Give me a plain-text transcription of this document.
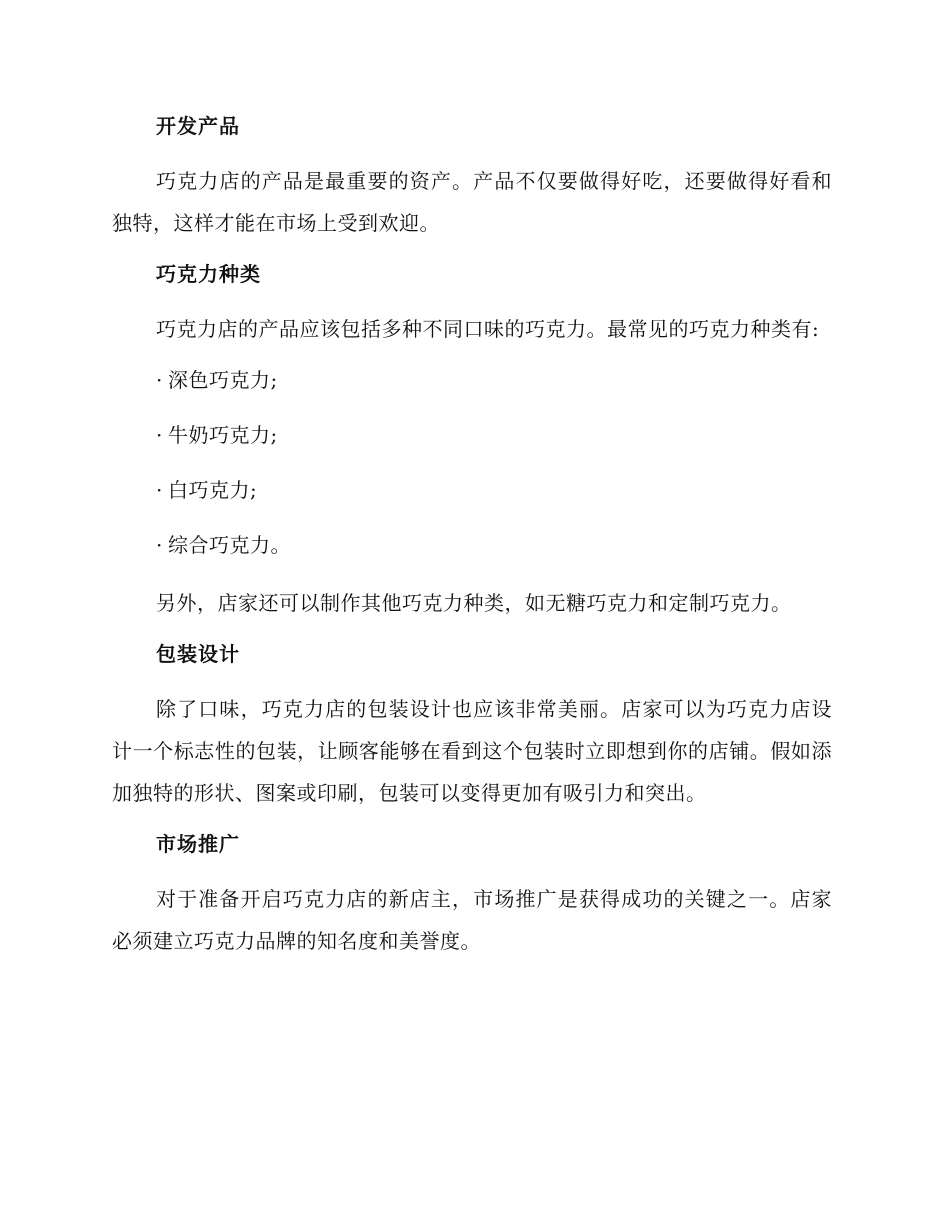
开发产品

巧克力店的产品是最重要的资产。产品不仅要做得好吃，还要做得好看和独特，这样才能在市场上受到欢迎。

巧克力种类

巧克力店的产品应该包括多种不同口味的巧克力。最常见的巧克力种类有:

· 深色巧克力;
· 牛奶巧克力;
· 白巧克力;
· 综合巧克力。

另外，店家还可以制作其他巧克力种类，如无糖巧克力和定制巧克力。

包装设计

除了口味，巧克力店的包装设计也应该非常美丽。店家可以为巧克力店设计一个标志性的包装，让顾客能够在看到这个包装时立即想到你的店铺。假如添加独特的形状、图案或印刷，包装可以变得更加有吸引力和突出。

市场推广

对于准备开启巧克力店的新店主，市场推广是获得成功的关键之一。店家必须建立巧克力品牌的知名度和美誉度。
